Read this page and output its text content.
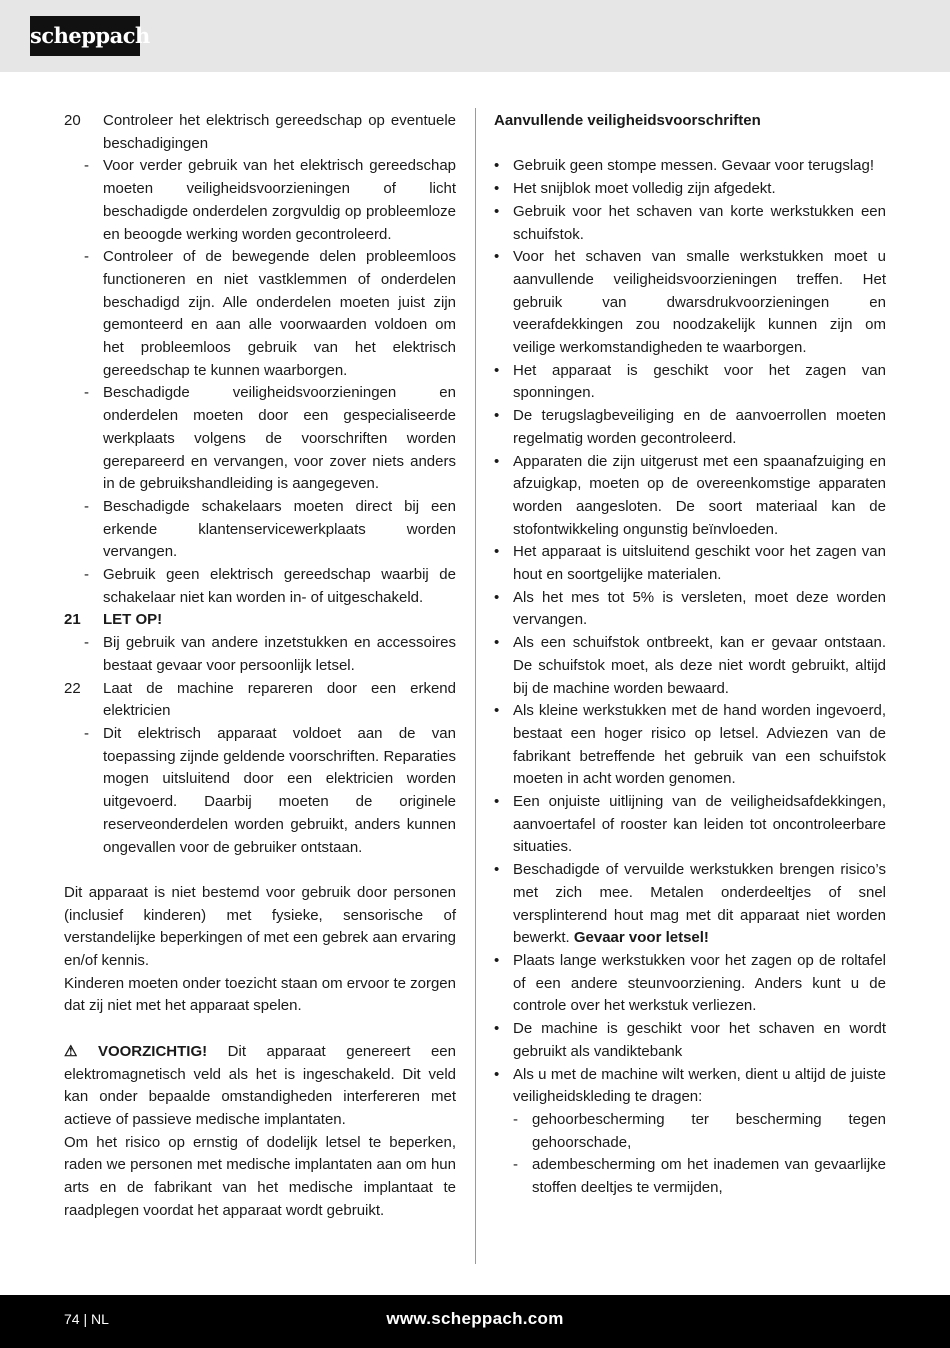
scheppach
20 Controleer het elektrisch gereedschap op eventuele beschadigingen
- Voor verder gebruik van het elektrisch gereedschap moeten veiligheidsvoorzieningen of licht beschadigde onderdelen zorgvuldig op probleemloze en beoogde werking worden gecontroleerd.
- Controleer of de bewegende delen probleemloos functioneren en niet vastklemmen of onderdelen beschadigd zijn. Alle onderdelen moeten juist zijn gemonteerd en aan alle voorwaarden voldoen om het probleemloos gebruik van het elektrisch gereedschap te kunnen waarborgen.
- Beschadigde veiligheidsvoorzieningen en onderdelen moeten door een gespecialiseerde werkplaats volgens de voorschriften worden gerepareerd en vervangen, voor zover niets anders in de gebruikshandleiding is aangegeven.
- Beschadigde schakelaars moeten direct bij een erkende klantenservicewerkplaats worden vervangen.
- Gebruik geen elektrisch gereedschap waarbij de schakelaar niet kan worden in- of uitgeschakeld.
21 LET OP!
- Bij gebruik van andere inzetstukken en accessoires bestaat gevaar voor persoonlijk letsel.
22 Laat de machine repareren door een erkend elektricien
- Dit elektrisch apparaat voldoet aan de van toepassing zijnde geldende voorschriften. Reparaties mogen uitsluitend door een elektricien worden uitgevoerd. Daarbij moeten de originele reserveonderdelen worden gebruikt, anders kunnen ongevallen voor de gebruiker ontstaan.
Dit apparaat is niet bestemd voor gebruik door personen (inclusief kinderen) met fysieke, sensorische of verstandelijke beperkingen of met een gebrek aan ervaring en/of kennis.
Kinderen moeten onder toezicht staan om ervoor te zorgen dat zij niet met het apparaat spelen.
⚠ VOORZICHTIG! Dit apparaat genereert een elektromagnetisch veld als het is ingeschakeld. Dit veld kan onder bepaalde omstandigheden interfereren met actieve of passieve medische implantaten.
Om het risico op ernstig of dodelijk letsel te beperken, raden we personen met medische implantaten aan om hun arts en de fabrikant van het medische implantaat te raadplegen voordat het apparaat wordt gebruikt.
Aanvullende veiligheidsvoorschriften
• Gebruik geen stompe messen. Gevaar voor terugslag!
• Het snijblok moet volledig zijn afgedekt.
• Gebruik voor het schaven van korte werkstukken een schuifstok.
• Voor het schaven van smalle werkstukken moet u aanvullende veiligheidsvoorzieningen treffen. Het gebruik van dwarsdrukvoorzieningen en veerafdekkingen zou noodzakelijk kunnen zijn om veilige werkomstandigheden te waarborgen.
• Het apparaat is geschikt voor het zagen van sponningen.
• De terugslagbeveiliging en de aanvoerrollen moeten regelmatig worden gecontroleerd.
• Apparaten die zijn uitgerust met een spaanafzuiging en afzuigkap, moeten op de overeenkomstige apparaten worden aangesloten. De soort materiaal kan de stofontwikkeling ongunstig beïnvloeden.
• Het apparaat is uitsluitend geschikt voor het zagen van hout en soortgelijke materialen.
• Als het mes tot 5% is versleten, moet deze worden vervangen.
• Als een schuifstok ontbreekt, kan er gevaar ontstaan. De schuifstok moet, als deze niet wordt gebruikt, altijd bij de machine worden bewaard.
• Als kleine werkstukken met de hand worden ingevoerd, bestaat een hoger risico op letsel. Adviezen van de fabrikant betreffende het gebruik van een schuifstok moeten in acht worden genomen.
• Een onjuiste uitlijning van de veiligheidsafdekkingen, aanvoertafel of rooster kan leiden tot oncontroleerbare situaties.
• Beschadigde of vervuilde werkstukken brengen risico’s met zich mee. Metalen onderdeeltjes of snel versplinterend hout mag met dit apparaat niet worden bewerkt. Gevaar voor letsel!
• Plaats lange werkstukken voor het zagen op de roltafel of een andere steunvoorziening. Anders kunt u de controle over het werkstuk verliezen.
• De machine is geschikt voor het schaven en wordt gebruikt als vandiktebank
• Als u met de machine wilt werken, dient u altijd de juiste veiligheidskleding te dragen:
- gehoorbescherming ter bescherming tegen gehoorschade,
- adembescherming om het inademen van gevaarlijke stoffen deeltjes te vermijden,
74 | NL	www.scheppach.com
